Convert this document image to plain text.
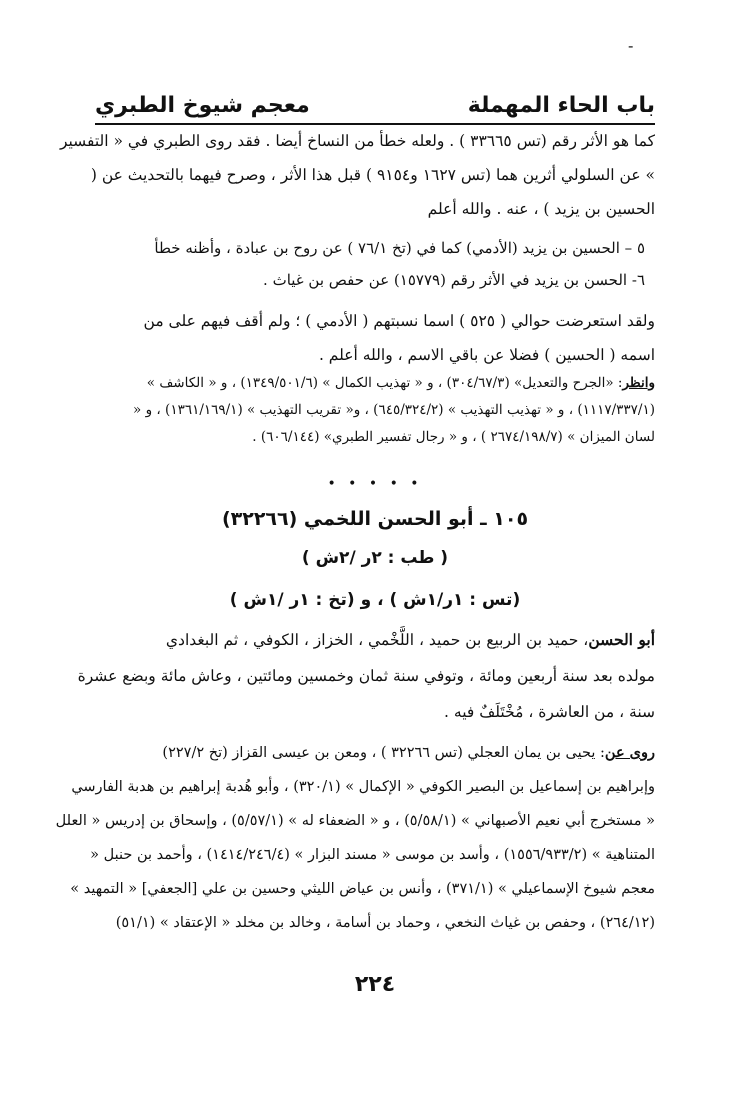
-
باب الحاء المهملة
معجم شيوخ الطبري
كما هو الأثر رقم (تس ٣٣٦٦٥ ) . ولعله خطأ من النساخ أيضا . فقد روى الطبري في « التفسير
» عن السلولي أثرين هما (تس ١٦٢٧ و٩١٥٤ ) قبل هذا الأثر ، وصرح فيهما بالتحديث عن (
الحسين بن يزيد ) ، عنه . والله أعلم
٥ – الحسين بن يزيد (الأدمي) كما في (تخ ٧٦/١ ) عن روح بن عبادة ، وأظنه خطأ
٦- الحسن بن يزيد في الأثر رقم (١٥٧٧٩) عن حفص بن غياث .
ولقد استعرضت حوالي ( ٥٢٥ ) اسما نسبتهم ( الأدمي ) ؛ ولم أقف فيهم على من
اسمه ( الحسين ) فضلا عن باقي الاسم ، والله أعلم .
وانظر: «الجرح والتعديل» (٣٠٤/٦٧/٣) ، و « تهذيب الكمال » (١٣٤٩/٥٠١/٦) ، و « الكاشف »
(١١١٧/٣٣٧/١) ، و « تهذيب التهذيب » (٦٤٥/٣٢٤/٢) ، و« تقريب التهذيب » (١٣٦١/١٦٩/١) ، و «
لسان الميزان » (٢٦٧٤/١٩٨/٧ ) ، و « رجال تفسير الطبري» (٦٠٦/١٤٤) .
• • • • •
١٠٥ ـ أبو الحسن اللخمي (٣٢٢٦٦)
( طب : ٢ر /٢ش )
(تس : ١ر/١ش ) ، و (تخ : ١ر /١ش )
أبو الحسن، حميد بن الربيع بن حميد ، اللَّخْمي ، الخزاز ، الكوفي ، ثم البغدادي
مولده بعد سنة أربعين ومائة ، وتوفي سنة ثمان وخمسين ومائتين ، وعاش مائة وبضع عشرة
سنة ، من العاشرة ، مُخْتَلَفٌ فيه .
روى عن: يحيى بن يمان العجلي (تس ٣٢٢٦٦ ) ، ومعن بن عيسى القزاز (تخ ٢٢٧/٢)
وإبراهيم بن إسماعيل بن البصير الكوفي « الإكمال » (٣٢٠/١) ، وأبو هُدبة إبراهيم بن هدبة الفارسي
« مستخرج أبي نعيم الأصبهاني » (٥/٥٨/١) ، و « الضعفاء له » (٥/٥٧/١) ، وإسحاق بن إدريس « العلل
المتناهية » (١٥٥٦/٩٣٣/٢) ، وأسد بن موسى « مسند البزار » (١٤١٤/٢٤٦/٤) ، وأحمد بن حنبل «
معجم شيوخ الإسماعيلي » (٣٧١/١) ، وأنس بن عياض الليثي وحسين بن علي [الجعفي] « التمهيد »
(٢٦٤/١٢) ، وحفص بن غياث النخعي ، وحماد بن أسامة ، وخالد بن مخلد « الإعتقاد » (٥١/١)
٢٢٤
